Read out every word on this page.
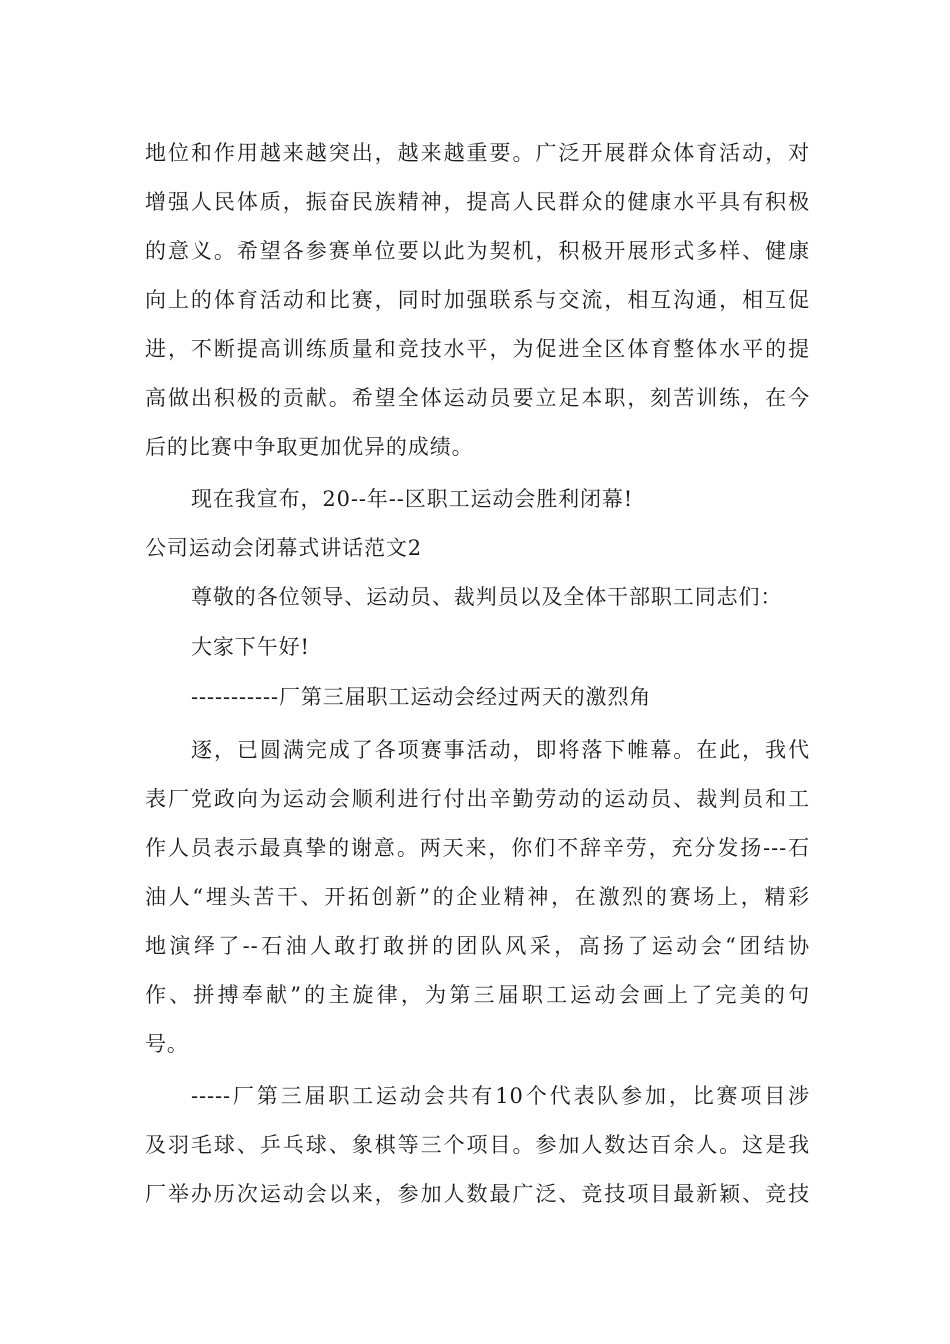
地位和作用越来越突出，越来越重要。广泛开展群众体育活动，对
增强人民体质，振奋民族精神，提高人民群众的健康水平具有积极
的意义。希望各参赛单位要以此为契机，积极开展形式多样、健康
向上的体育活动和比赛，同时加强联系与交流，相互沟通，相互促
进，不断提高训练质量和竞技水平，为促进全区体育整体水平的提
高做出积极的贡献。希望全体运动员要立足本职，刻苦训练，在今
后的比赛中争取更加优异的成绩。
现在我宣布，20--年--区职工运动会胜利闭幕!
公司运动会闭幕式讲话范文2
尊敬的各位领导、运动员、裁判员以及全体干部职工同志们：
大家下午好!
-----------厂第三届职工运动会经过两天的激烈角
逐，已圆满完成了各项赛事活动，即将落下帷幕。在此，我代
表厂党政向为运动会顺利进行付出辛勤劳动的运动员、裁判员和工
作人员表示最真挚的谢意。两天来，你们不辞辛劳，充分发扬---石
油人“埋头苦干、开拓创新”的企业精神，在激烈的赛场上，精彩
地演绎了--石油人敢打敢拼的团队风采，高扬了运动会“团结协
作、拼搏奉献”的主旋律，为第三届职工运动会画上了完美的句
号。
-----厂第三届职工运动会共有10个代表队参加，比赛项目涉
及羽毛球、乒乓球、象棋等三个项目。参加人数达百余人。这是我
厂举办历次运动会以来，参加人数最广泛、竞技项目最新颖、竞技
